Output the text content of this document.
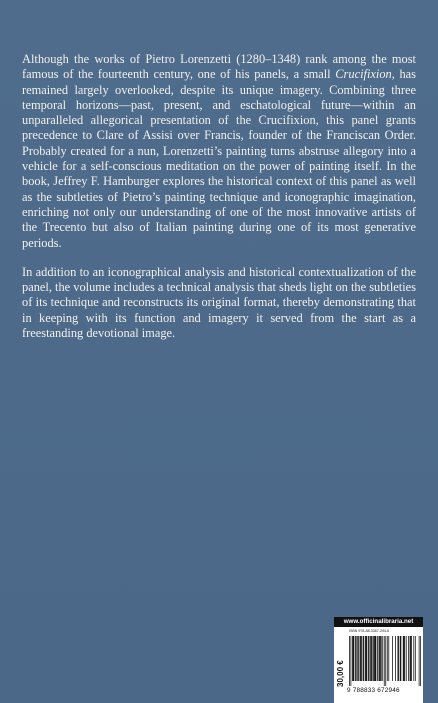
Although the works of Pietro Lorenzetti (1280–1348) rank among the most famous of the fourteenth century, one of his panels, a small Crucifixion, has remained largely overlooked, despite its unique imagery. Combining three temporal horizons—past, present, and eschatological future—within an unparalleled allegorical presentation of the Crucifixion, this panel grants precedence to Clare of Assisi over Francis, founder of the Franciscan Order. Probably created for a nun, Lorenzetti’s painting turns abstruse allegory into a vehicle for a self-conscious meditation on the power of painting itself. In the book, Jeffrey F. Hamburger explores the historical context of this panel as well as the subtleties of Pietro’s painting technique and iconographic imagination, enriching not only our understanding of one of the most innovative artists of the Trecento but also of Italian painting during one of its most generative periods.

In addition to an iconographical analysis and historical contextualization of the panel, the volume includes a technical analysis that sheds light on the subtleties of its technique and reconstructs its original format, thereby demonstrating that in keeping with its function and imagery it served from the start as a freestanding devotional image.

www.officinalibraria.net
30,00 €
ISBN 978-88-3367-294-6
9 788833 672946
